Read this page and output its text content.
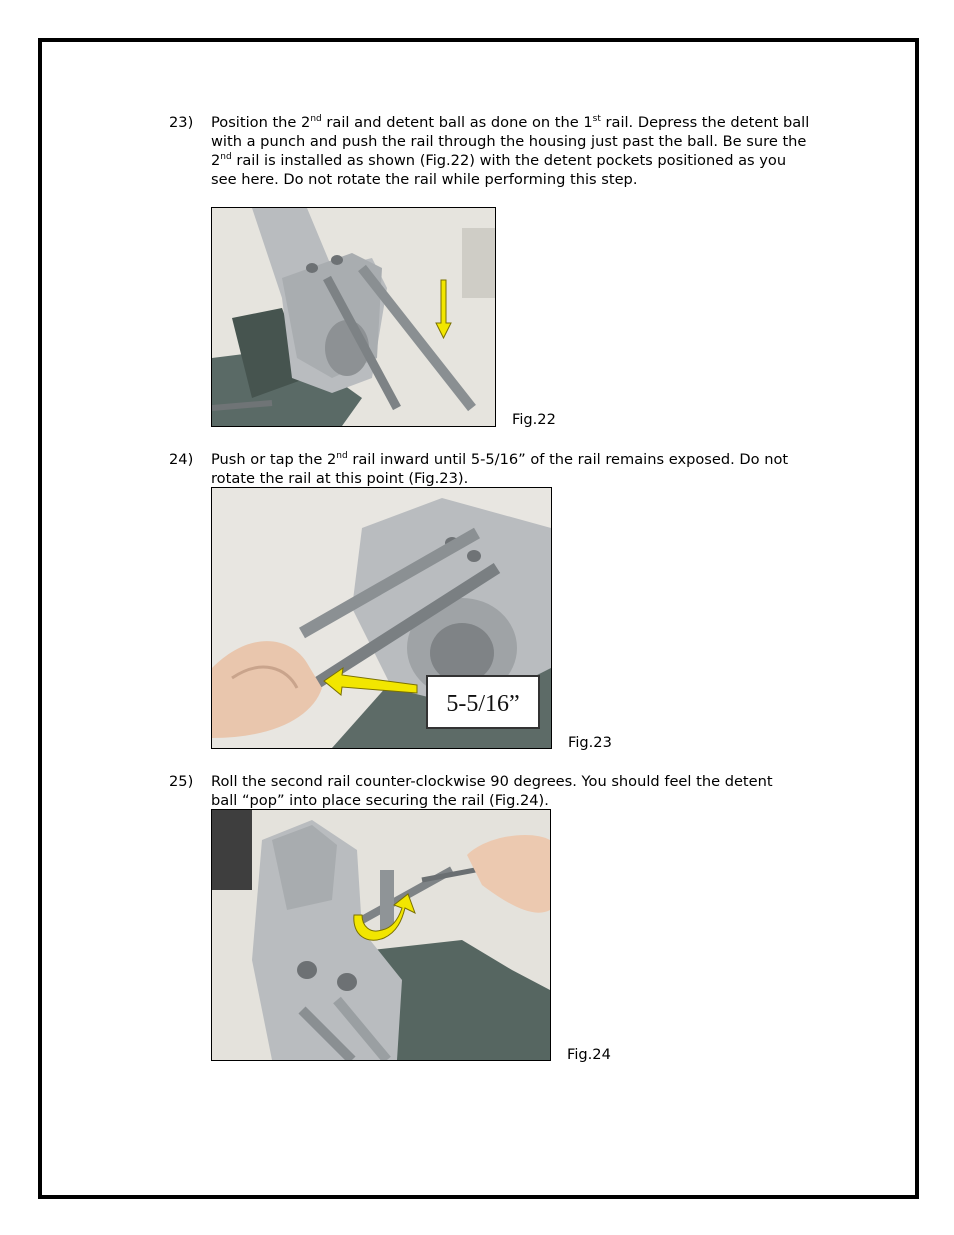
23) Position the 2nd rail and detent ball as done on the 1st rail. Depress the detent ball with a punch and push the rail through the housing just past the ball. Be sure the 2nd rail is installed as shown (Fig.22) with the detent pockets positioned as you see here. Do not rotate the rail while performing this step.
Fig.22
24) Push or tap the 2nd rail inward until 5-5/16” of the rail remains exposed. Do not rotate the rail at this point (Fig.23).
5-5/16”
Fig.23
25) Roll the second rail counter-clockwise 90 degrees. You should feel the detent ball “pop” into place securing the rail (Fig.24).
Fig.24
